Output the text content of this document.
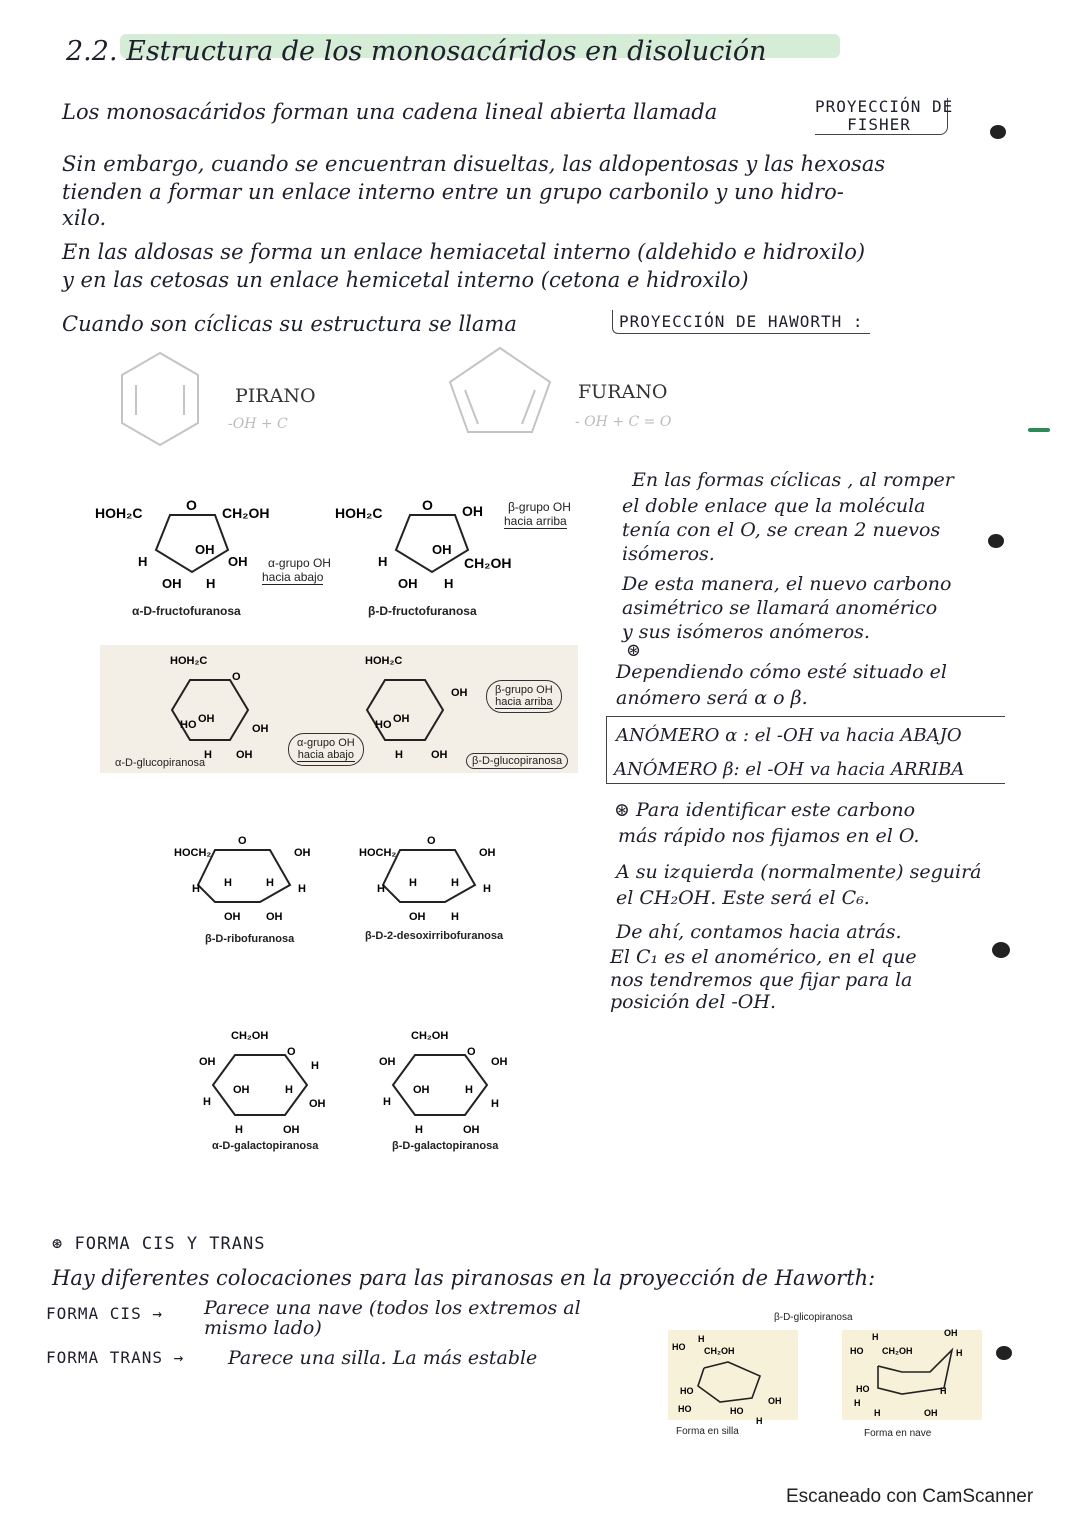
2.2. Estructura de los monosacáridos en disolución
Los monosacáridos forman una cadena lineal abierta llamada	PROYECCIÓN DE
FISHER
Sin embargo, cuando se encuentran disueltas, las aldopentosas y las hexosas
tienden a formar un enlace interno entre un grupo carbonilo y uno hidro-
xilo.
En las aldosas se forma un enlace hemiacetal interno (aldehido e hidroxilo)
y en las cetosas un enlace hemicetal interno (cetona e hidroxilo)
Cuando son cíclicas su estructura se llama	PROYECCIÓN DE HAWORTH :
PIRANO
-OH + C
FURANO
- OH + C = O
HOH₂C	O CH₂OH
H
OH
OH
OH H
α-grupo OH
hacia abajo
α-D-fructofuranosa
HOH₂C	O OH
H
OH
CH₂OH
OH H
β-grupo OH
hacia arriba
β-D-fructofuranosa
HOH₂C
O
OH
HO	OH
OH
H
α-grupo OH
hacia abajo
α-D-glucopiranosa
HOH₂C
OH
OH
HO
H	OH
β-grupo OH
hacia arriba
β-D-glucopiranosa
HOCH₂
O
OH
H H	H H
OH OH
β-D-ribofuranosa
HOCH₂
O
OH
H H	H H
OH H
β-D-2-desoxirribofuranosa
CH₂OH
O
OH	H
OH	H
H	OH
H	OH
α-D-galactopiranosa
CH₂OH
O
OH	OH
OH	H
H	H
H	OH
β-D-galactopiranosa
En las formas cíclicas , al romper
el doble enlace que la molécula
tenía con el O, se crean 2 nuevos
isómeros.
De esta manera, el nuevo carbono
asimétrico se llamará anomérico
y sus isómeros anómeros.
⊛
Dependiendo cómo esté situado el
anómero será α o β.
ANÓMERO α : el -OH va hacia ABAJO
ANÓMERO β: el -OH va hacia ARRIBA
⊛ Para identificar este carbono
más rápido nos fijamos en el O.
A su izquierda (normalmente) seguirá
el CH₂OH. Este será el C₆.
De ahí, contamos hacia atrás.
El C₁ es el anomérico, en el que
nos tendremos que fijar para la
posición del -OH.
⊛ FORMA CIS Y TRANS
Hay diferentes colocaciones para las piranosas en la proyección de Haworth:
FORMA CIS → Parece una nave (todos los extremos al
mismo lado)
FORMA TRANS → Parece una silla. La más estable
β-D-glicopiranosa
HO
H
CH₂OH
HO
HO	HO
OH
H
Forma en silla
OH
H
HO CH₂OH	H
HO
H
H
H	OH
Forma en nave
Escaneado con CamScanner
